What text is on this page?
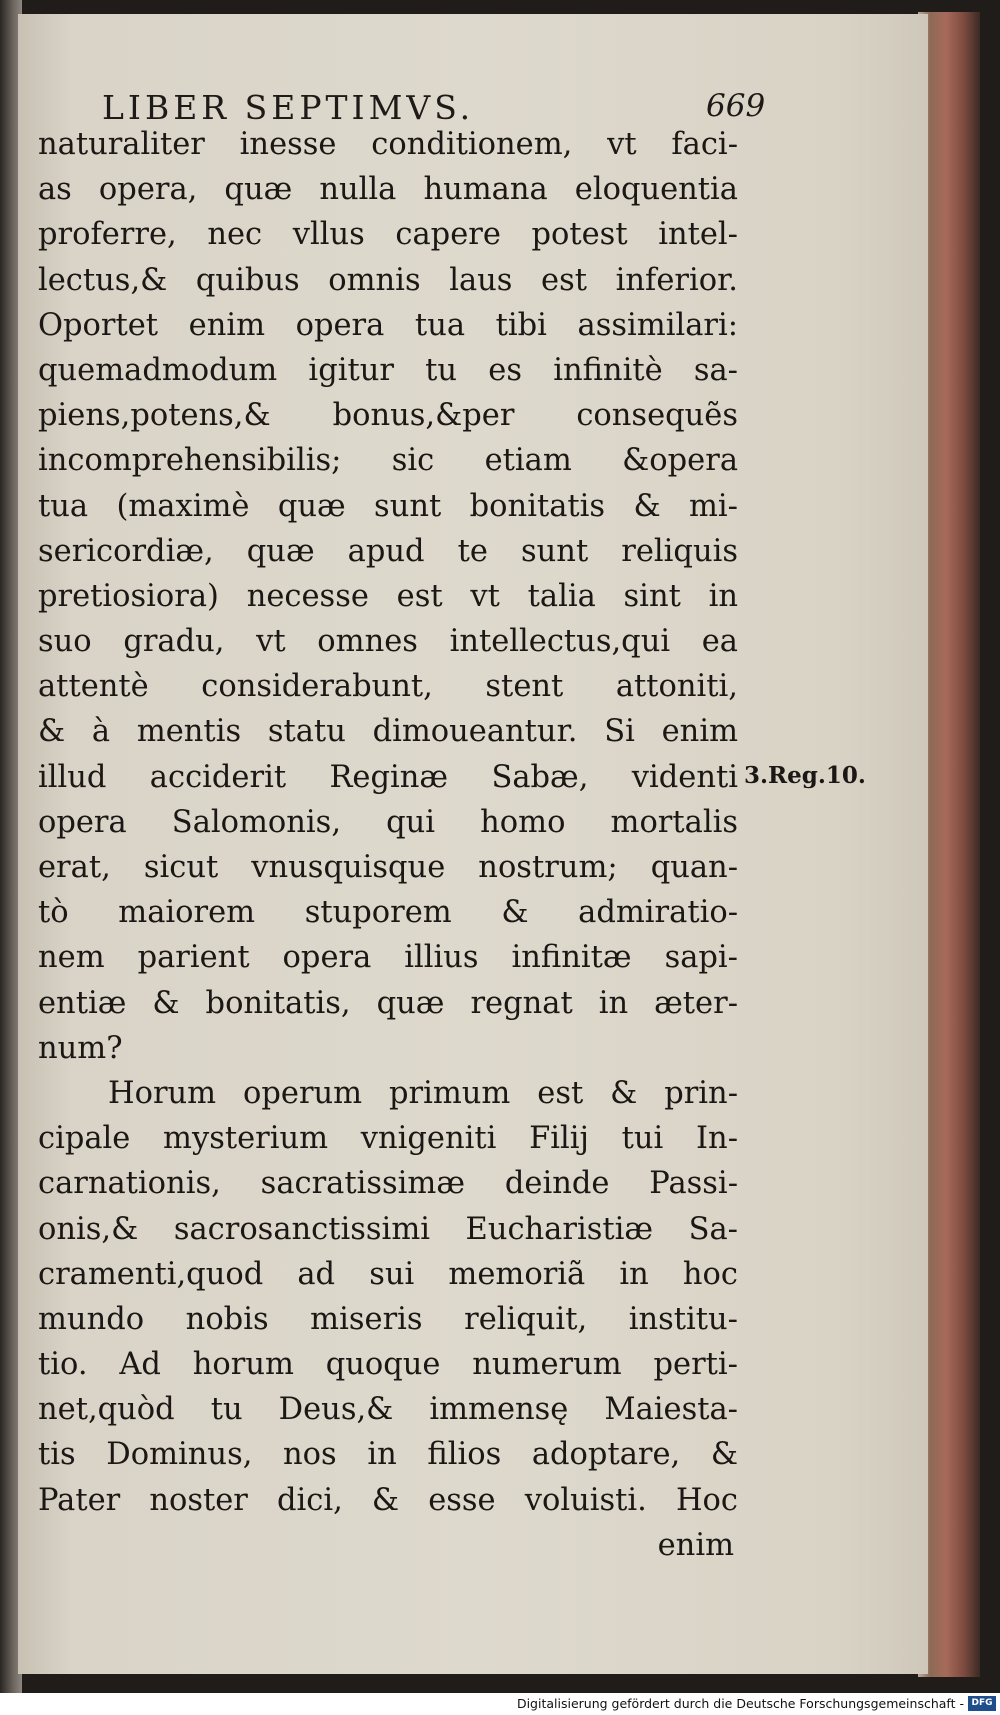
LIBER SEPTIMVS.	669
naturaliter inesse conditionem, vt faci-
as opera, quæ nulla humana eloquentia
proferre, nec vllus capere potest intel-
lectus,& quibus omnis laus est inferior.
Oportet enim opera tua tibi assimilari:
quemadmodum igitur tu es infinitè sa-
piens,potens,& bonus,&per consequẽs
incomprehensibilis; sic etiam &opera
tua (maximè quæ sunt bonitatis & mi-
sericordiæ, quæ apud te sunt reliquis
pretiosiora) necesse est vt talia sint in
suo gradu, vt omnes intellectus,qui ea
attentè considerabunt, stent attoniti,
& à mentis statu dimoueantur. Si enim
illud acciderit Reginæ Sabæ, videnti
opera Salomonis, qui homo mortalis
erat, sicut vnusquisque nostrum; quan-
tò maiorem stuporem & admiratio-
nem parient opera illius infinitæ sapi-
entiæ & bonitatis, quæ regnat in æter-
num?
Horum operum primum est & prin-
cipale mysterium vnigeniti Filij tui In-
carnationis, sacratissimæ deinde Passi-
onis,& sacrosanctissimi Eucharistiæ Sa-
cramenti,quod ad sui memoriã in hoc
mundo nobis miseris reliquit, institu-
tio. Ad horum quoque numerum perti-
net,quòd tu Deus,& immensę Maiesta-
tis Dominus, nos in filios adoptare, &
Pater noster dici, & esse voluisti. Hoc
enim
3.Reg.10.
Digitalisierung gefördert durch die Deutsche Forschungsgemeinschaft - DFG
